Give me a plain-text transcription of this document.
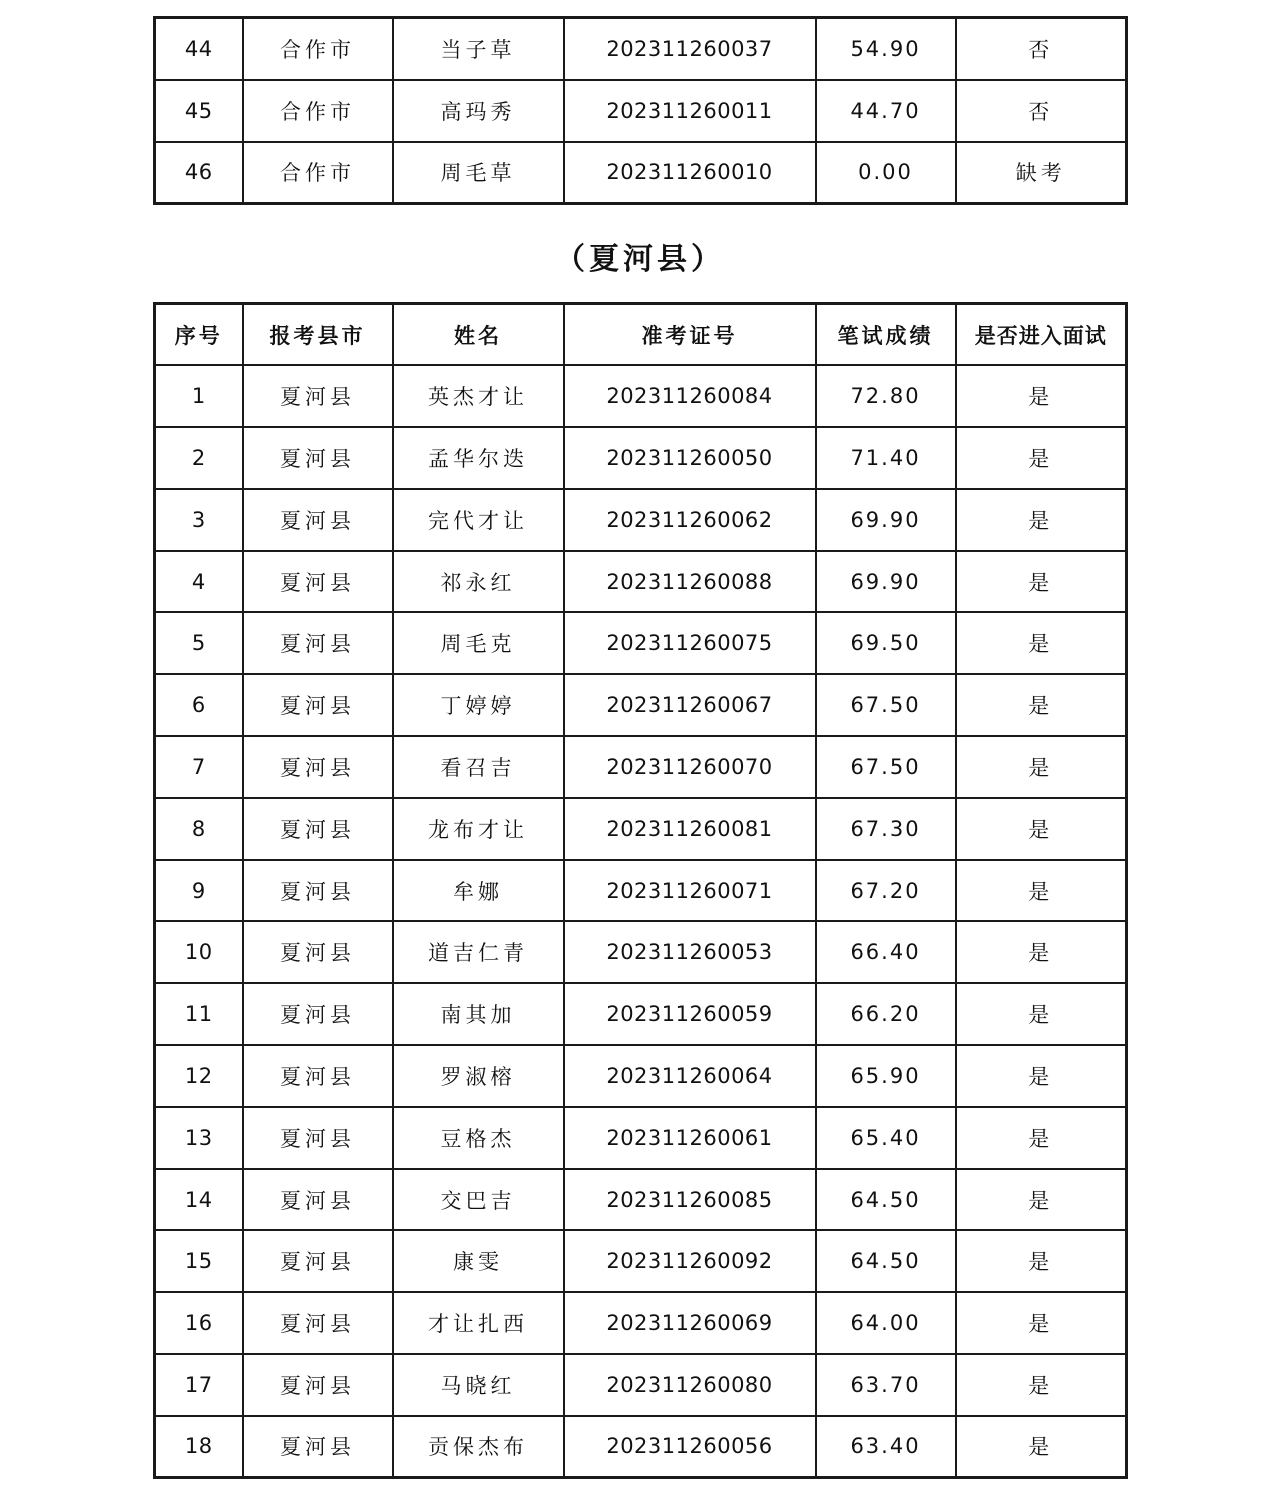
44	合作市	当子草	202311260037	54.90	否
45	合作市	高玛秀	202311260011	44.70	否
46	合作市	周毛草	202311260010	0.00	缺考
（夏河县）
序号	报考县市	姓名	准考证号	笔试成绩	是否进入面试
1	夏河县	英杰才让	202311260084	72.80	是
2	夏河县	孟华尔迭	202311260050	71.40	是
3	夏河县	完代才让	202311260062	69.90	是
4	夏河县	祁永红	202311260088	69.90	是
5	夏河县	周毛克	202311260075	69.50	是
6	夏河县	丁婷婷	202311260067	67.50	是
7	夏河县	看召吉	202311260070	67.50	是
8	夏河县	龙布才让	202311260081	67.30	是
9	夏河县	牟娜	202311260071	67.20	是
10	夏河县	道吉仁青	202311260053	66.40	是
11	夏河县	南其加	202311260059	66.20	是
12	夏河县	罗淑榕	202311260064	65.90	是
13	夏河县	豆格杰	202311260061	65.40	是
14	夏河县	交巴吉	202311260085	64.50	是
15	夏河县	康雯	202311260092	64.50	是
16	夏河县	才让扎西	202311260069	64.00	是
17	夏河县	马晓红	202311260080	63.70	是
18	夏河县	贡保杰布	202311260056	63.40	是
